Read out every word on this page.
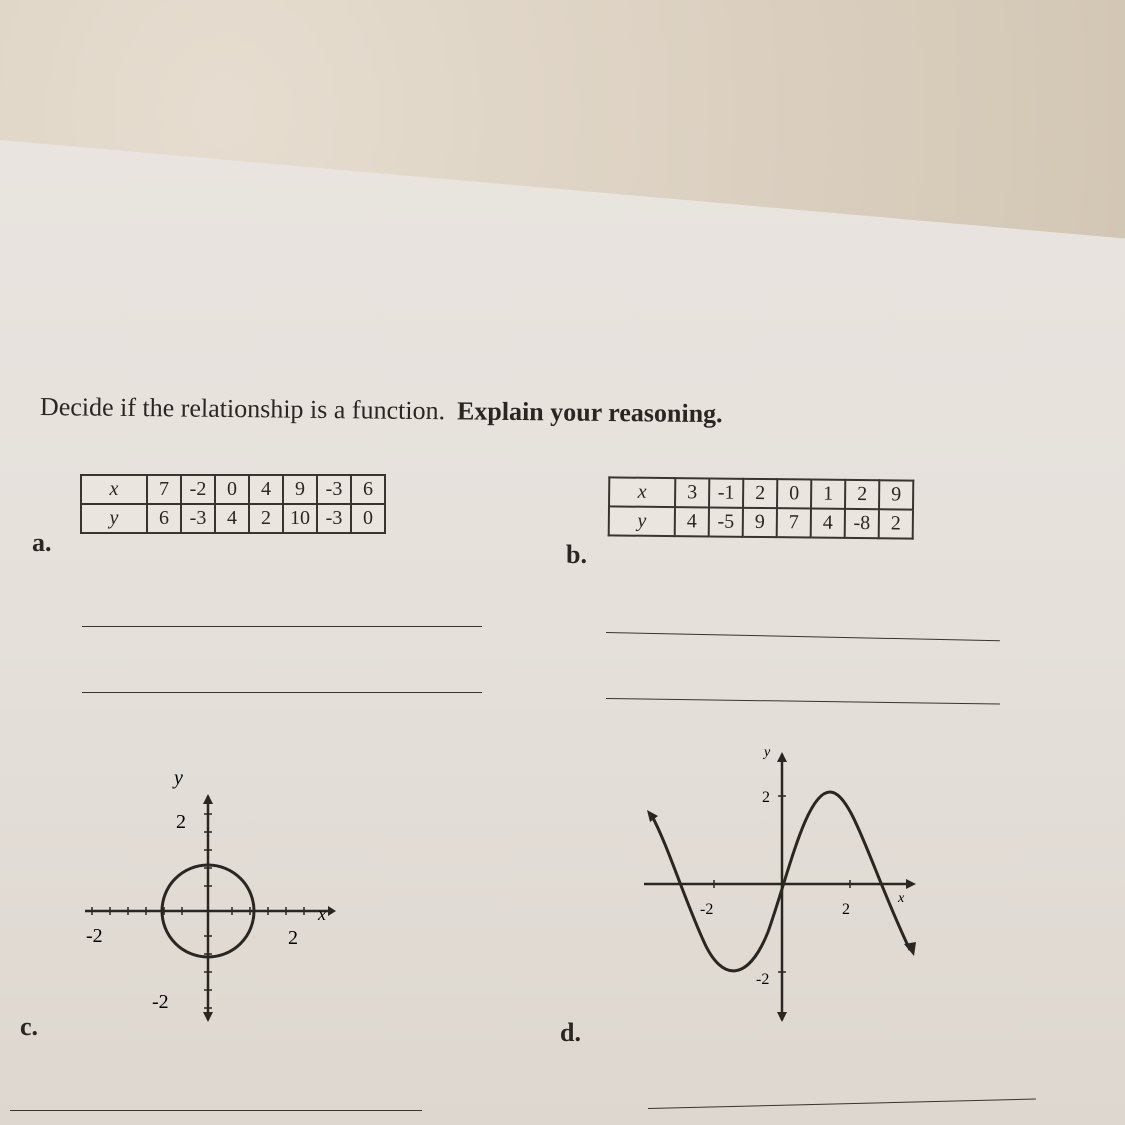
Decide if the relationship is a function. Explain your reasoning.
a.
x	7	-2	0	4	9	-3	6
y	6	-3	4	2	10	-3	0
b.
x	3	-1	2	0	1	2	9
y	4	-5	9	7	4	-8	2
c.
x
y
-2	2
2
-2
d.
x
y
-2	2
2
-2
